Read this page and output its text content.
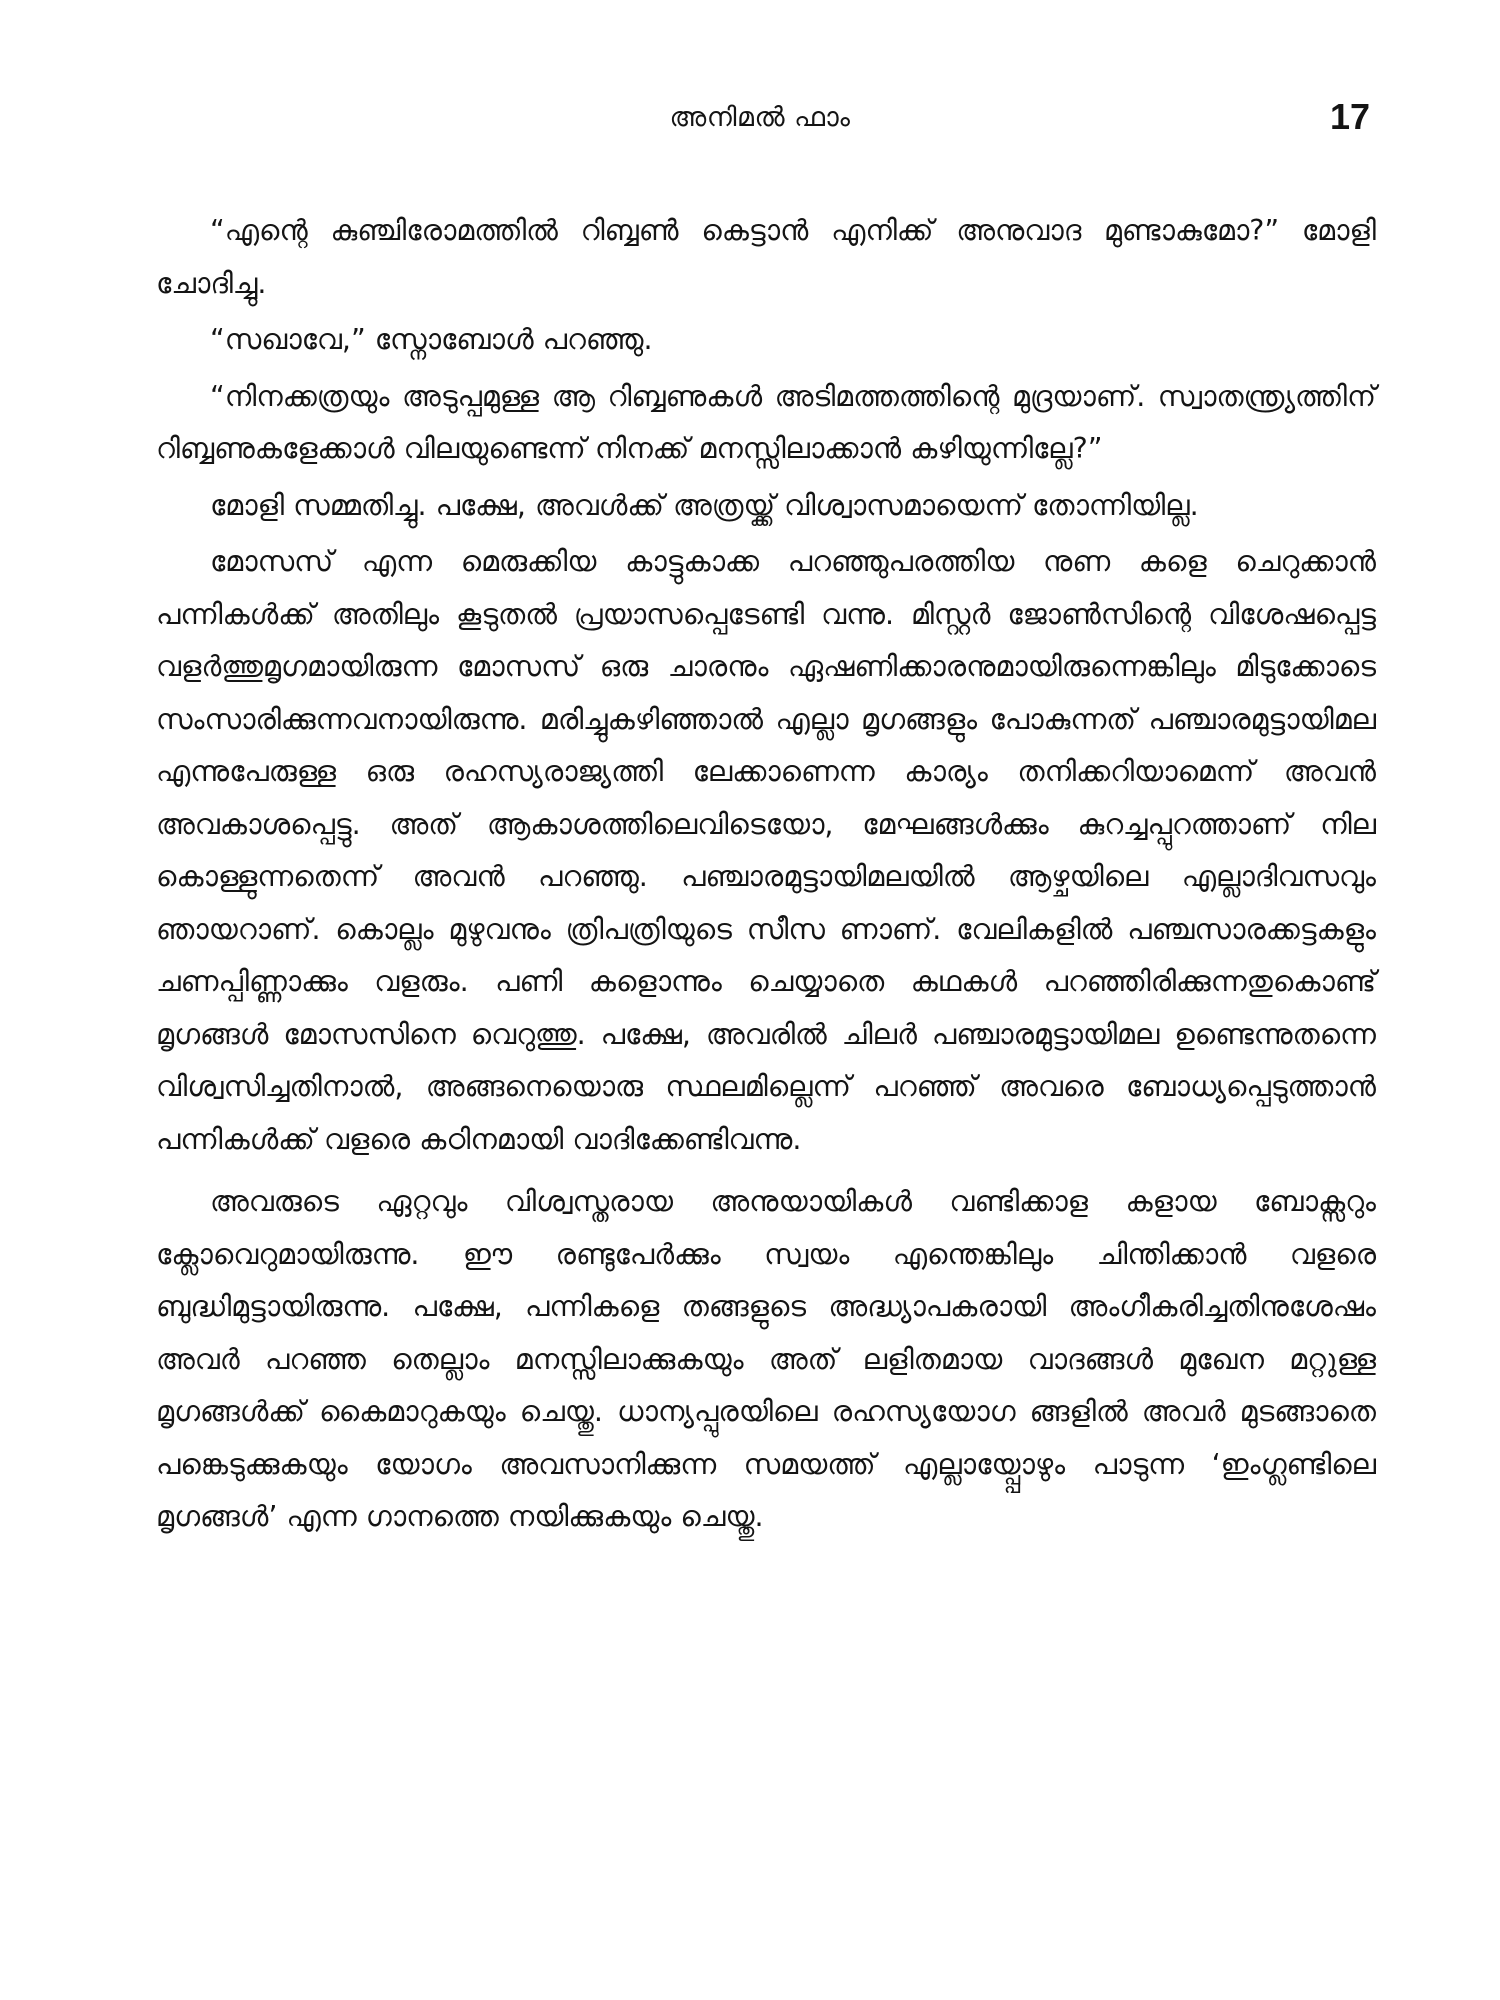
അനിമൽ ഫാം	17

“എന്റെ കുഞ്ചിരോമത്തിൽ റിബ്ബൺ കെട്ടാൻ എനിക്ക് അനുവാദ മുണ്ടാകുമോ?” മോളി ചോദിച്ചു.

“സഖാവേ,” സ്നോബോൾ പറഞ്ഞു.

“നിനക്കത്രയും അടുപ്പമുള്ള ആ റിബ്ബണുകൾ അടിമത്തത്തിന്റെ മുദ്രയാണ്. സ്വാതന്ത്ര്യത്തിന് റിബ്ബണുകളേക്കാൾ വിലയുണ്ടെന്ന് നിനക്ക് മനസ്സിലാക്കാൻ കഴിയുന്നില്ലേ?”

മോളി സമ്മതിച്ചു. പക്ഷേ, അവൾക്ക് അത്രയ്ക്ക് വിശ്വാസമായെന്ന് തോന്നിയില്ല.

മോസസ് എന്ന മെരുക്കിയ കാട്ടുകാക്ക പറഞ്ഞുപരത്തിയ നുണ കളെ ചെറുക്കാൻ പന്നികൾക്ക് അതിലും കൂടുതൽ പ്രയാസപ്പെടേണ്ടി വന്നു. മിസ്റ്റർ ജോൺസിന്റെ വിശേഷപ്പെട്ട വളർത്തുമൃഗമായിരുന്ന മോസസ് ഒരു ചാരനും ഏഷണിക്കാരനുമായിരുന്നെങ്കിലും മിടുക്കോടെ സംസാരിക്കുന്നവനായിരുന്നു. മരിച്ചുകഴിഞ്ഞാൽ എല്ലാ മൃഗങ്ങളും പോകുന്നത് പഞ്ചാരമുട്ടായിമല എന്നുപേരുള്ള ഒരു രഹസ്യരാജ്യത്തി ലേക്കാണെന്ന കാര്യം തനിക്കറിയാമെന്ന് അവൻ അവകാശപ്പെട്ടു. അത് ആകാശത്തിലെവിടെയോ, മേഘങ്ങൾക്കും കുറച്ചപ്പുറത്താണ് നില കൊള്ളുന്നതെന്ന് അവൻ പറഞ്ഞു. പഞ്ചാരമുട്ടായിമലയിൽ ആഴ്ചയിലെ എല്ലാദിവസവും ഞായറാണ്. കൊല്ലം മുഴുവനും ത്രിപത്രിയുടെ സീസ ണാണ്. വേലികളിൽ പഞ്ചസാരക്കട്ടകളും ചണപ്പിണ്ണാക്കും വളരും. പണി കളൊന്നും ചെയ്യാതെ കഥകൾ പറഞ്ഞിരിക്കുന്നതുകൊണ്ട് മൃഗങ്ങൾ മോസസിനെ വെറുത്തു. പക്ഷേ, അവരിൽ ചിലർ പഞ്ചാരമുട്ടായിമല ഉണ്ടെന്നുതന്നെ വിശ്വസിച്ചതിനാൽ, അങ്ങനെയൊരു സ്ഥലമില്ലെന്ന് പറഞ്ഞ് അവരെ ബോധ്യപ്പെടുത്താൻ പന്നികൾക്ക് വളരെ കഠിനമായി വാദിക്കേണ്ടിവന്നു.

അവരുടെ ഏറ്റവും വിശ്വസ്തരായ അനുയായികൾ വണ്ടിക്കാള കളായ ബോക്സറും ക്ലോവെറുമായിരുന്നു. ഈ രണ്ടുപേർക്കും സ്വയം എന്തെങ്കിലും ചിന്തിക്കാൻ വളരെ ബുദ്ധിമുട്ടായിരുന്നു. പക്ഷേ, പന്നികളെ തങ്ങളുടെ അദ്ധ്യാപകരായി അംഗീകരിച്ചതിനുശേഷം അവർ പറഞ്ഞ തെല്ലാം മനസ്സിലാക്കുകയും അത് ലളിതമായ വാദങ്ങൾ മുഖേന മറ്റുള്ള മൃഗങ്ങൾക്ക് കൈമാറുകയും ചെയ്തു. ധാന്യപ്പുരയിലെ രഹസ്യയോഗ ങ്ങളിൽ അവർ മുടങ്ങാതെ പങ്കെടുക്കുകയും യോഗം അവസാനിക്കുന്ന സമയത്ത് എല്ലായ്പ്പോഴും പാടുന്ന ‘ഇംഗ്ലണ്ടിലെ മൃഗങ്ങൾ’ എന്ന ഗാനത്തെ നയിക്കുകയും ചെയ്തു.
